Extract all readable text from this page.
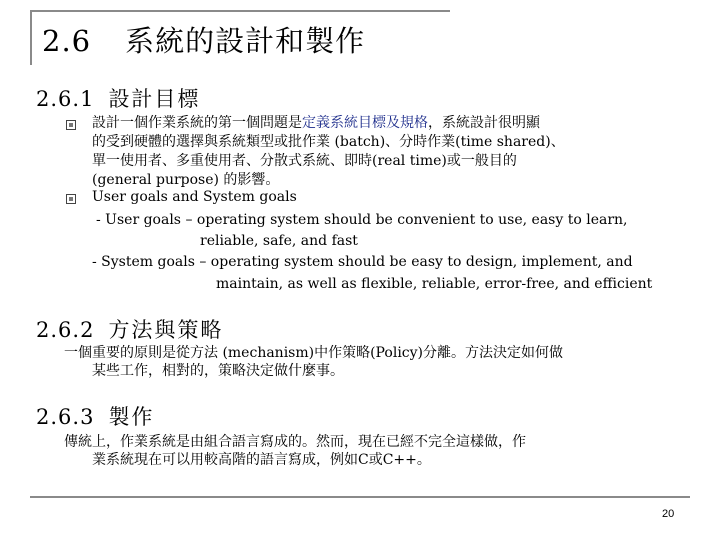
2.6 系統的設計和製作
2.6.1 設計目標
設計一個作業系統的第一個問題是定義系統目標及規格，系統設計很明顯
的受到硬體的選擇與系統類型或批作業 (batch)、分時作業(time shared)、
單一使用者、多重使用者、分散式系統、即時(real time)或一般目的
(general purpose) 的影響。
User goals and System goals
- User goals – operating system should be convenient to use, easy to learn,
reliable, safe, and fast
- System goals – operating system should be easy to design, implement, and
maintain, as well as flexible, reliable, error-free, and efficient
2.6.2 方法與策略
一個重要的原則是從方法 (mechanism)中作策略(Policy)分離。方法決定如何做
某些工作，相對的，策略決定做什麼事。
2.6.3 製作
傳統上，作業系統是由組合語言寫成的。然而，現在已經不完全這樣做，作
業系統現在可以用較高階的語言寫成，例如C或C++。
20
